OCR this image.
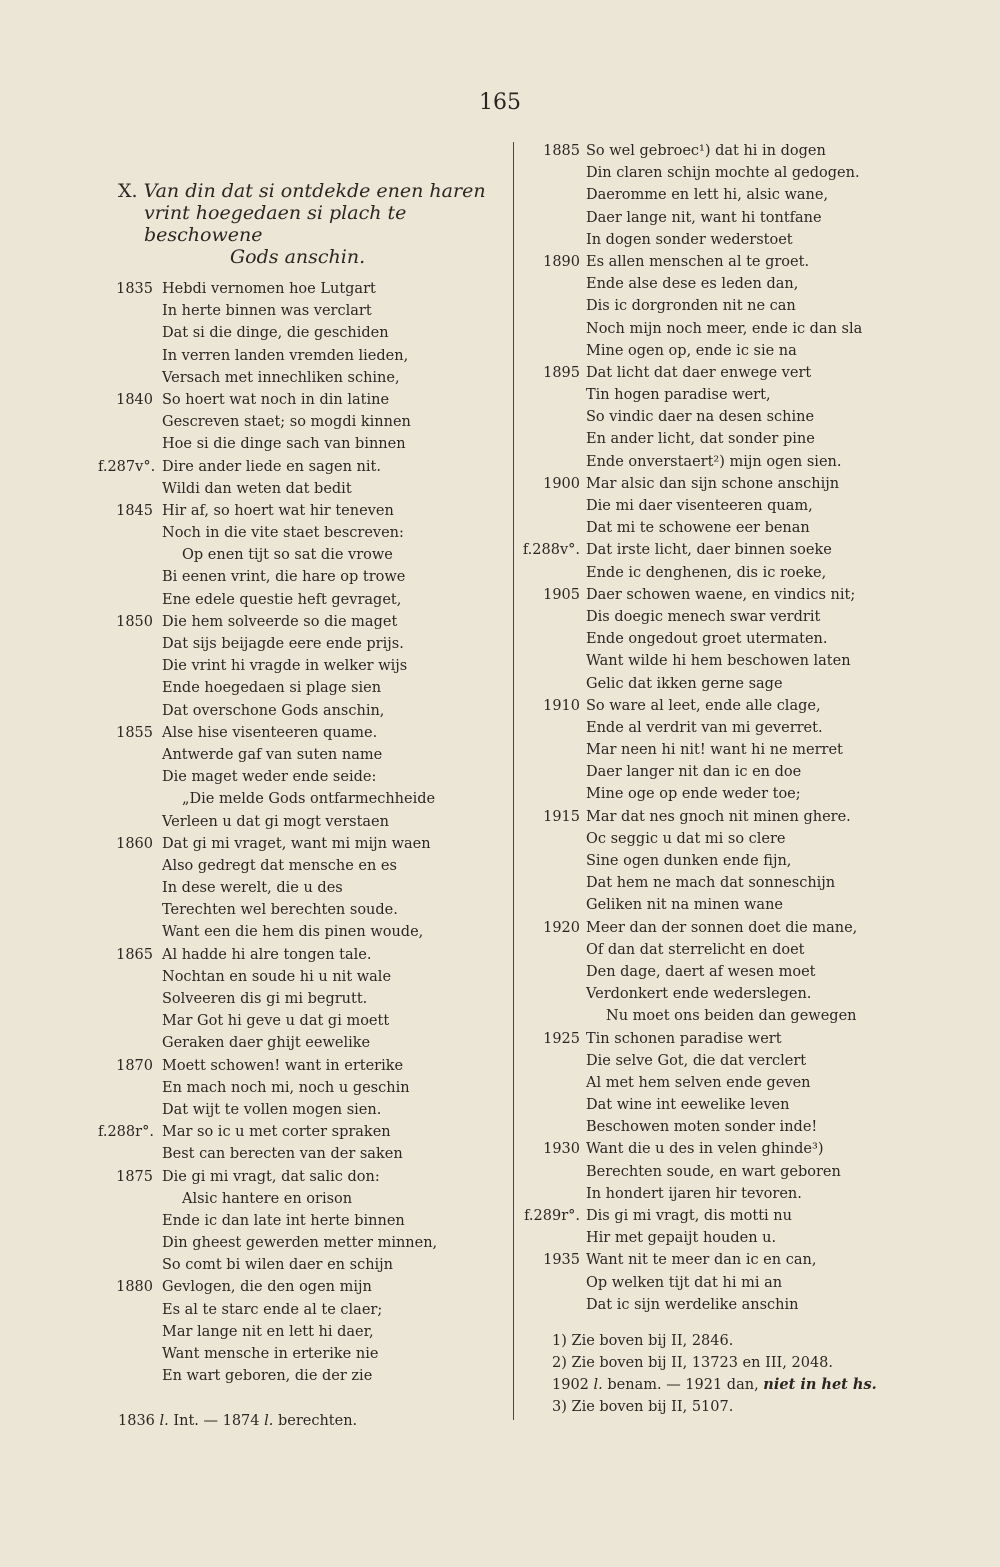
165
X. Van din dat si ontdekde enen haren
vrint hoegedaen si plach te beschowene
Gods anschin.
1835 Hebdi vernomen hoe Lutgart
In herte binnen was verclart
Dat si die dinge, die geschiden
In verren landen vremden lieden,
Versach met innechliken schine,
1840 So hoert wat noch in din latine
Gescreven staet; so mogdi kinnen
Hoe si die dinge sach van binnen
f.287v°. Dire ander liede en sagen nit.
Wildi dan weten dat bedit
1845 Hir af, so hoert wat hir teneven
Noch in die vite staet bescreven:
Op enen tijt so sat die vrowe
Bi eenen vrint, die hare op trowe
Ene edele questie heft gevraget,
1850 Die hem solveerde so die maget
Dat sijs beijagde eere ende prijs.
Die vrint hi vragde in welker wijs
Ende hoegedaen si plage sien
Dat overschone Gods anschin,
1855 Alse hise visenteeren quame.
Antwerde gaf van suten name
Die maget weder ende seide:
„Die melde Gods ontfarmechheide
Verleen u dat gi mogt verstaen
1860 Dat gi mi vraget, want mi mijn waen
Also gedregt dat mensche en es
In dese werelt, die u des
Terechten wel berechten soude.
Want een die hem dis pinen woude,
1865 Al hadde hi alre tongen tale.
Nochtan en soude hi u nit wale
Solveeren dis gi mi begrutt.
Mar Got hi geve u dat gi moett
Geraken daer ghijt eewelike
1870 Moett schowen! want in erterike
En mach noch mi, noch u geschin
Dat wijt te vollen mogen sien.
f.288r°. Mar so ic u met corter spraken
Best can berecten van der saken
1875 Die gi mi vragt, dat salic don:
Alsic hantere en orison
Ende ic dan late int herte binnen
Din gheest gewerden metter minnen,
So comt bi wilen daer en schijn
1880 Gevlogen, die den ogen mijn
Es al te starc ende al te claer;
Mar lange nit en lett hi daer,
Want mensche in erterike nie
En wart geboren, die der zie
1885 So wel gebroec¹) dat hi in dogen
Din claren schijn mochte al gedogen.
Daeromme en lett hi, alsic wane,
Daer lange nit, want hi tontfane
In dogen sonder wederstoet
1890 Es allen menschen al te groet.
Ende alse dese es leden dan,
Dis ic dorgronden nit ne can
Noch mijn noch meer, ende ic dan sla
Mine ogen op, ende ic sie na
1895 Dat licht dat daer enwege vert
Tin hogen paradise wert,
So vindic daer na desen schine
En ander licht, dat sonder pine
Ende onverstaert²) mijn ogen sien.
1900 Mar alsic dan sijn schone anschijn
Die mi daer visenteeren quam,
Dat mi te schowene eer benan
f.288v°. Dat irste licht, daer binnen soeke
Ende ic denghenen, dis ic roeke,
1905 Daer schowen waene, en vindics nit;
Dis doegic menech swar verdrit
Ende ongedout groet utermaten.
Want wilde hi hem beschowen laten
Gelic dat ikken gerne sage
1910 So ware al leet, ende alle clage,
Ende al verdrit van mi geverret.
Mar neen hi nit! want hi ne merret
Daer langer nit dan ic en doe
Mine oge op ende weder toe;
1915 Mar dat nes gnoch nit minen ghere.
Oc seggic u dat mi so clere
Sine ogen dunken ende fijn,
Dat hem ne mach dat sonneschijn
Geliken nit na minen wane
1920 Meer dan der sonnen doet die mane,
Of dan dat sterrelicht en doet
Den dage, daert af wesen moet
Verdonkert ende wederslegen.
Nu moet ons beiden dan gewegen
1925 Tin schonen paradise wert
Die selve Got, die dat verclert
Al met hem selven ende geven
Dat wine int eewelike leven
Beschowen moten sonder inde!
1930 Want die u des in velen ghinde³)
Berechten soude, en wart geboren
In hondert ijaren hir tevoren.
f.289r°. Dis gi mi vragt, dis motti nu
Hir met gepaijt houden u.
1935 Want nit te meer dan ic en can,
Op welken tijt dat hi mi an
Dat ic sijn werdelike anschin
1836 l. Int. — 1874 l. berechten.
1) Zie boven bij II, 2846.
2) Zie boven bij II, 13723 en III, 2048.
1902 l. benam. — 1921 dan, niet in het hs.
3) Zie boven bij II, 5107.
